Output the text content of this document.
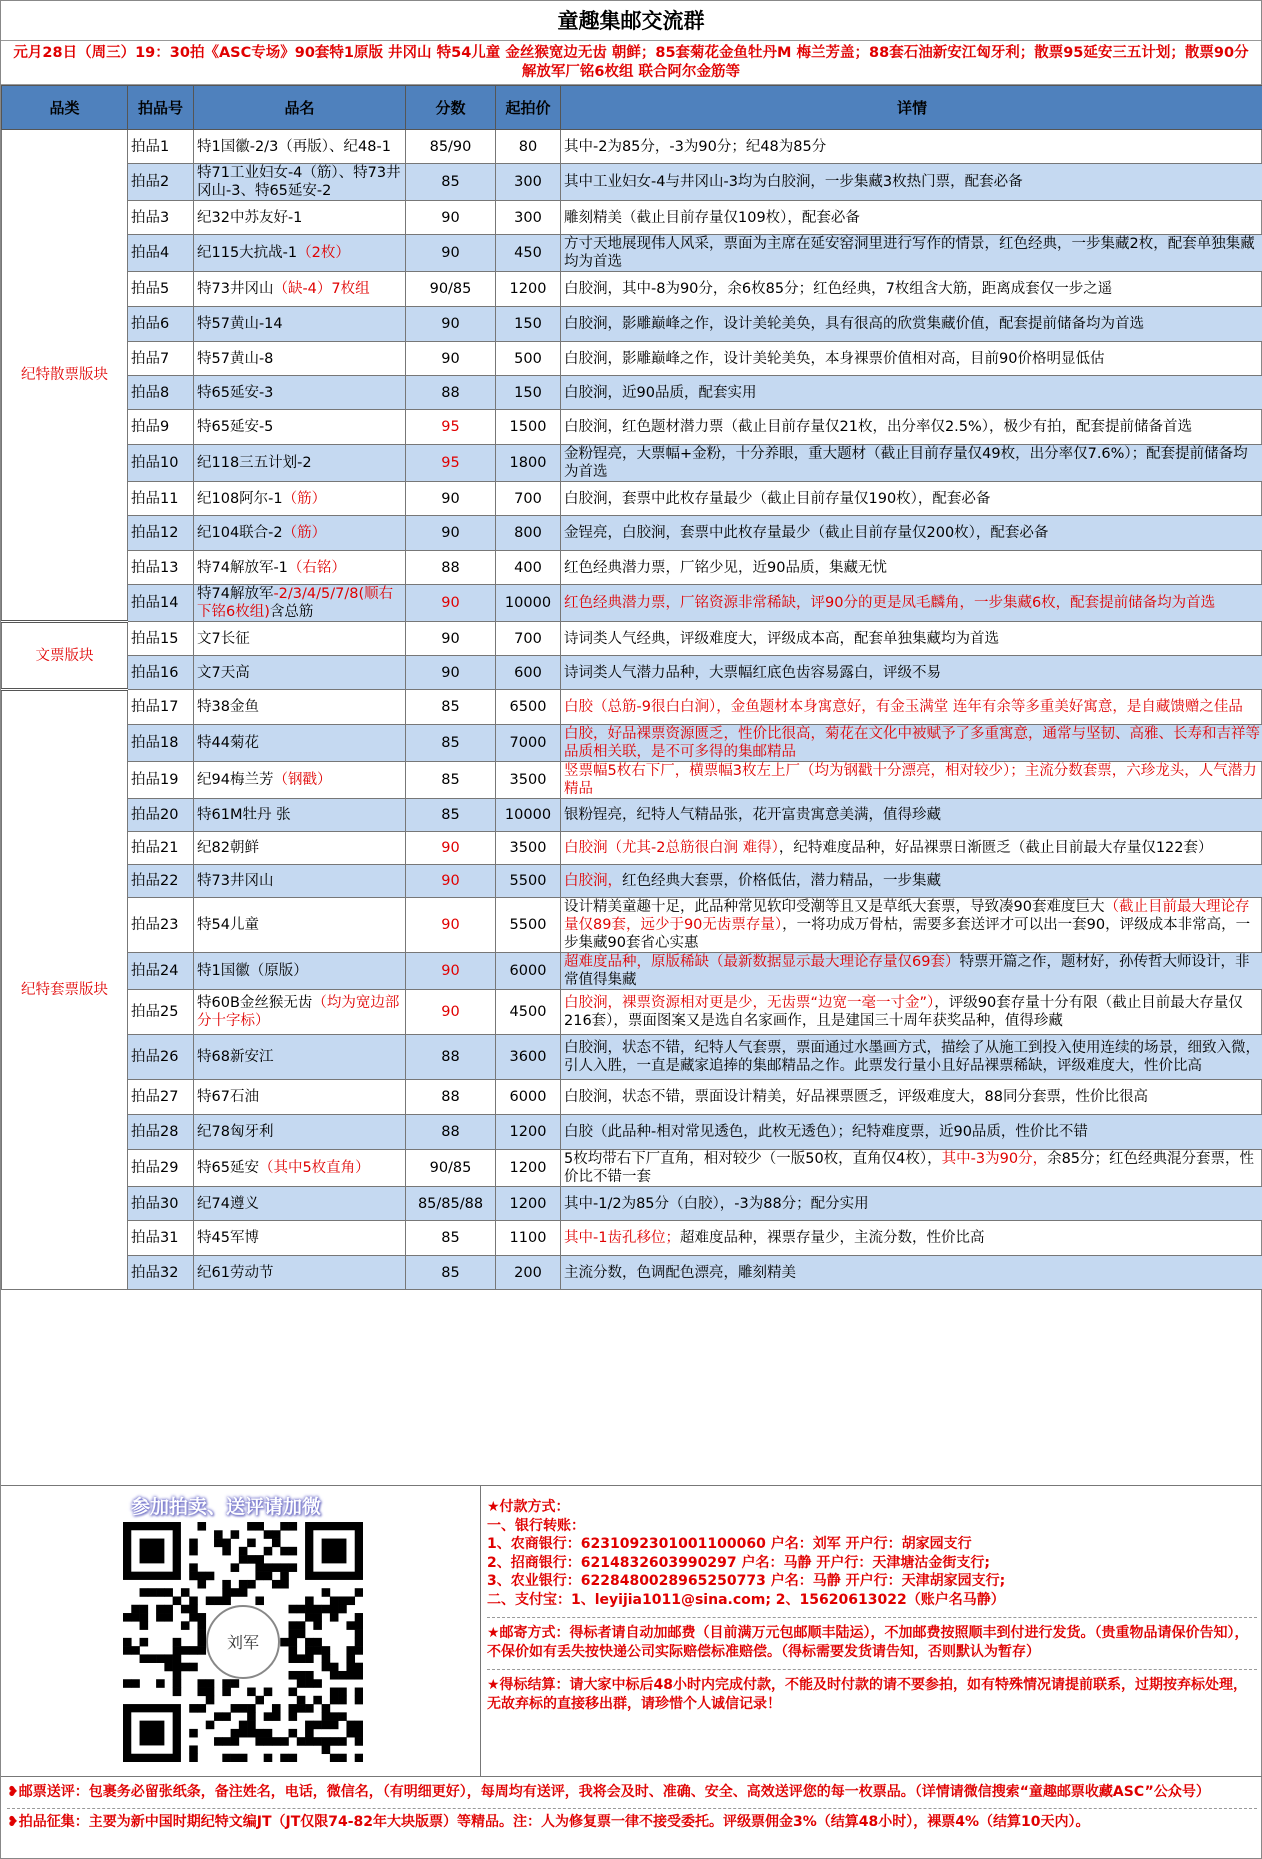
童趣集邮交流群
元月28日（周三）19：30拍《ASC专场》90套特1原版 井冈山 特54儿童 金丝猴宽边无齿 朝鲜；85套菊花金鱼牡丹M 梅兰芳盖；88套石油新安江匈牙利；散票95延安三五计划；散票90分解放军厂铭6枚组 联合阿尔金筋等
品类	拍品号	品名	分数	起拍价	详情
纪特散票版块	拍品1	特1国徽-2/3（再版）、纪48-1	85/90	80	其中-2为85分，-3为90分；纪48为85分
	拍品2	特71工业妇女-4（筋）、特73井冈山-3、特65延安-2	85	300	其中工业妇女-4与井冈山-3均为白胶涧，一步集藏3枚热门票，配套必备
	拍品3	纪32中苏友好-1	90	300	雕刻精美（截止目前存量仅109枚），配套必备
	拍品4	纪115大抗战-1（2枚）	90	450	方寸天地展现伟人风采，票面为主席在延安窑洞里进行写作的情景，红色经典，一步集藏2枚，配套单独集藏均为首选
	拍品5	特73井冈山（缺-4）7枚组	90/85	1200	白胶涧，其中-8为90分，余6枚85分；红色经典，7枚组含大筋，距离成套仅一步之遥
	拍品6	特57黄山-14	90	150	白胶涧，影雕巅峰之作，设计美轮美奂，具有很高的欣赏集藏价值，配套提前储备均为首选
	拍品7	特57黄山-8	90	500	白胶涧，影雕巅峰之作，设计美轮美奂，本身裸票价值相对高，目前90价格明显低估
	拍品8	特65延安-3	88	150	白胶涧，近90品质，配套实用
	拍品9	特65延安-5	95	1500	白胶涧，红色题材潜力票（截止目前存量仅21枚，出分率仅2.5%），极少有拍，配套提前储备首选
	拍品10	纪118三五计划-2	95	1800	金粉锃亮，大票幅+金粉，十分养眼，重大题材（截止目前存量仅49枚，出分率仅7.6%）；配套提前储备均为首选
	拍品11	纪108阿尔-1（筋）	90	700	白胶涧，套票中此枚存量最少（截止目前存量仅190枚），配套必备
	拍品12	纪104联合-2（筋）	90	800	金锃亮，白胶涧，套票中此枚存量最少（截止目前存量仅200枚），配套必备
	拍品13	特74解放军-1（右铭）	88	400	红色经典潜力票，厂铭少见，近90品质，集藏无忧
	拍品14	特74解放军-2/3/4/5/7/8(顺右下铭6枚组)含总筋	90	10000	红色经典潜力票，厂铭资源非常稀缺，评90分的更是凤毛麟角，一步集藏6枚，配套提前储备均为首选
文票版块	拍品15	文7长征	90	700	诗词类人气经典，评级难度大，评级成本高，配套单独集藏均为首选
	拍品16	文7天高	90	600	诗词类人气潜力品种，大票幅红底色齿容易露白，评级不易
纪特套票版块	拍品17	特38金鱼	85	6500	白胶（总筋-9很白白涧），金鱼题材本身寓意好，有金玉满堂 连年有余等多重美好寓意，是自藏馈赠之佳品
	拍品18	特44菊花	85	7000	白胶，好品裸票资源匮乏，性价比很高，菊花在文化中被赋予了多重寓意，通常与坚韧、高雅、长寿和吉祥等品质相关联，是不可多得的集邮精品
	拍品19	纪94梅兰芳（钢戳）	85	3500	竖票幅5枚右下厂，横票幅3枚左上厂（均为钢戳十分漂亮，相对较少）；主流分数套票，六珍龙头，人气潜力精品
	拍品20	特61M牡丹 张	85	10000	银粉锃亮，纪特人气精品张，花开富贵寓意美满，值得珍藏
	拍品21	纪82朝鲜	90	3500	白胶涧（尤其-2总筋很白涧 难得），纪特难度品种，好品裸票日渐匮乏（截止目前最大存量仅122套）
	拍品22	特73井冈山	90	5500	白胶涧，红色经典大套票，价格低估，潜力精品，一步集藏
	拍品23	特54儿童	90	5500	设计精美童趣十足，此品种常见软印受潮等且又是草纸大套票，导致凑90套难度巨大（截止目前最大理论存量仅89套，远少于90无齿票存量），一将功成万骨枯，需要多套送评才可以出一套90，评级成本非常高，一步集藏90套省心实惠
	拍品24	特1国徽（原版）	90	6000	超难度品种，原版稀缺（最新数据显示最大理论存量仅69套）特票开篇之作，题材好，孙传哲大师设计，非常值得集藏
	拍品25	特60B金丝猴无齿（均为宽边部分十字标）	90	4500	白胶涧，裸票资源相对更是少，无齿票“边宽一毫一寸金”），评级90套存量十分有限（截止目前最大存量仅216套），票面图案又是选自名家画作，且是建国三十周年获奖品种，值得珍藏
	拍品26	特68新安江	88	3600	白胶涧，状态不错，纪特人气套票，票面通过水墨画方式，描绘了从施工到投入使用连续的场景，细致入微，引人入胜，一直是藏家追捧的集邮精品之作。此票发行量小且好品裸票稀缺，评级难度大，性价比高
	拍品27	特67石油	88	6000	白胶涧，状态不错，票面设计精美，好品裸票匮乏，评级难度大，88同分套票，性价比很高
	拍品28	纪78匈牙利	88	1200	白胶（此品种-相对常见透色，此枚无透色）；纪特难度票，近90品质，性价比不错
	拍品29	特65延安（其中5枚直角）	90/85	1200	5枚均带右下厂直角，相对较少（一版50枚，直角仅4枚），其中-3为90分，余85分；红色经典混分套票，性价比不错一套
	拍品30	纪74遵义	85/85/88	1200	其中-1/2为85分（白胶），-3为88分；配分实用
	拍品31	特45军博	85	1100	其中-1齿孔移位；超难度品种，裸票存量少，主流分数，性价比高
	拍品32	纪61劳动节	85	200	主流分数，色调配色漂亮，雕刻精美
参加拍卖、送评请加微
刘军
★付款方式：
一、银行转账：
1、农商银行：6231092301001100060 户名：刘军 开户行：胡家园支行
2、招商银行：6214832603990297 户名：马静 开户行：天津塘沽金街支行;
3、农业银行：6228480028965250773 户名：马静 开户行：天津胡家园支行;
二、支付宝：1、leyijia1011@sina.com; 2、15620613022（账户名马静）
★邮寄方式：得标者请自动加邮费（目前满万元包邮顺丰陆运），不加邮费按照顺丰到付进行发货。（贵重物品请保价告知），不保价如有丢失按快递公司实际赔偿标准赔偿。（得标需要发货请告知，否则默认为暂存）
★得标结算：请大家中标后48小时内完成付款，不能及时付款的请不要参拍，如有特殊情况请提前联系，过期按弃标处理，无故弃标的直接移出群，请珍惜个人诚信记录！
❥邮票送评：包裹务必留张纸条，备注姓名，电话，微信名，（有明细更好），每周均有送评，我将会及时、准确、安全、高效送评您的每一枚票品。（详情请微信搜索“童趣邮票收藏ASC”公众号）
❥拍品征集：主要为新中国时期纪特文编JT（JT仅限74-82年大块版票）等精品。注：人为修复票一律不接受委托。评级票佣金3%（结算48小时），裸票4%（结算10天内）。
